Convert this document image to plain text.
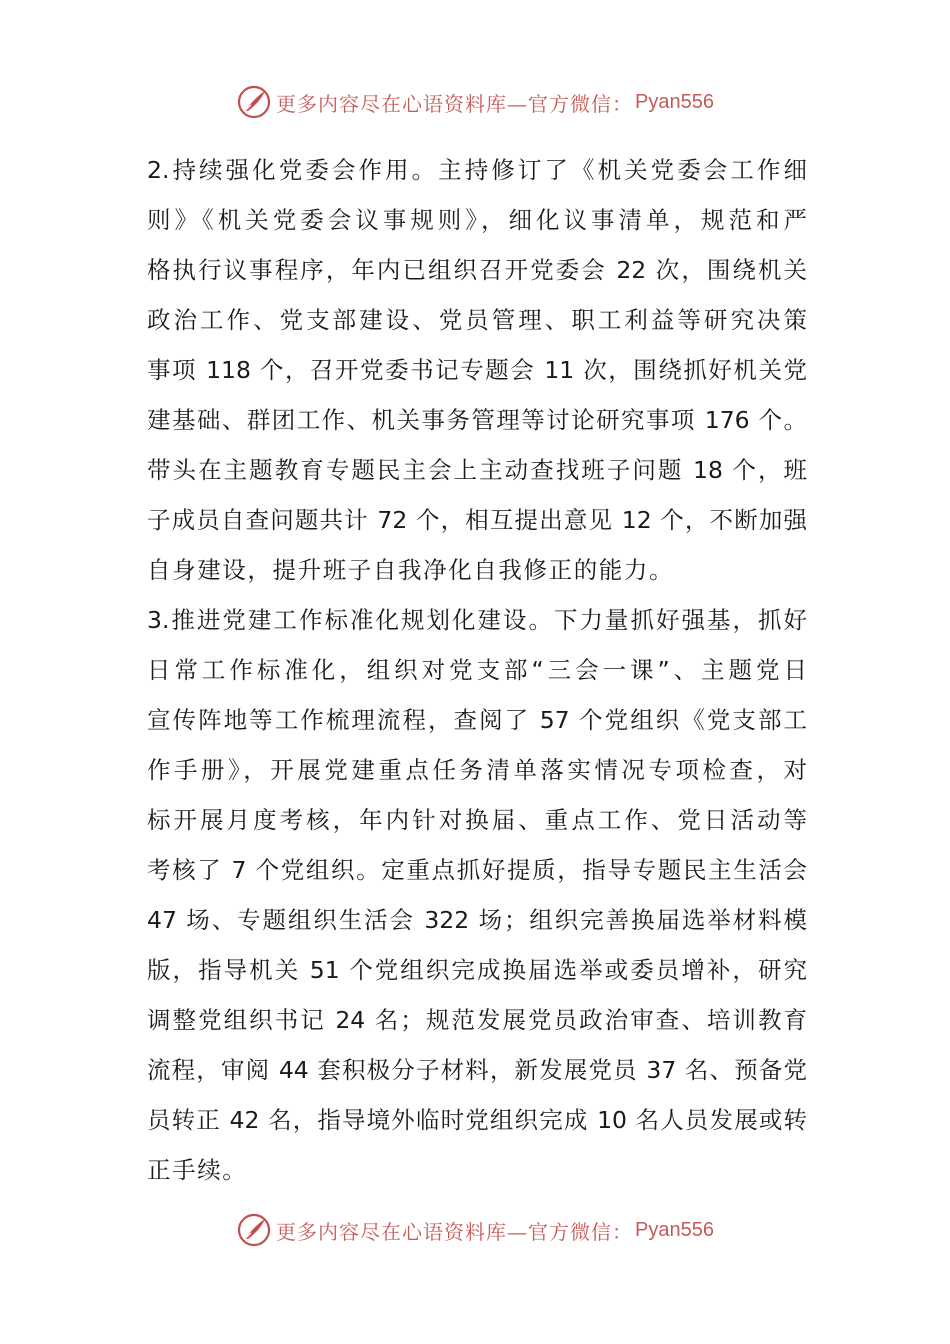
更多内容尽在心语资料库—官方微信： Pyan556
2.持续强化党委会作用。主持修订了《机关党委会工作细
则》《机关党委会议事规则》，细化议事清单，规范和严
格执行议事程序，年内已组织召开党委会 22 次，围绕机关
政治工作、党支部建设、党员管理、职工利益等研究决策
事项 118 个，召开党委书记专题会 11 次，围绕抓好机关党
建基础、群团工作、机关事务管理等讨论研究事项 176 个。
带头在主题教育专题民主会上主动查找班子问题 18 个，班
子成员自查问题共计 72 个，相互提出意见 12 个，不断加强
自身建设，提升班子自我净化自我修正的能力。
3.推进党建工作标准化规划化建设。下力量抓好强基，抓好
日常工作标准化，组织对党支部“三会一课”、主题党日
宣传阵地等工作梳理流程，查阅了 57 个党组织《党支部工
作手册》，开展党建重点任务清单落实情况专项检查，对
标开展月度考核，年内针对换届、重点工作、党日活动等
考核了 7 个党组织。定重点抓好提质，指导专题民主生活会
47 场、专题组织生活会 322 场；组织完善换届选举材料模
版，指导机关 51 个党组织完成换届选举或委员增补，研究
调整党组织书记 24 名；规范发展党员政治审查、培训教育
流程，审阅 44 套积极分子材料，新发展党员 37 名、预备党
员转正 42 名，指导境外临时党组织完成 10 名人员发展或转
正手续。
更多内容尽在心语资料库—官方微信： Pyan556
